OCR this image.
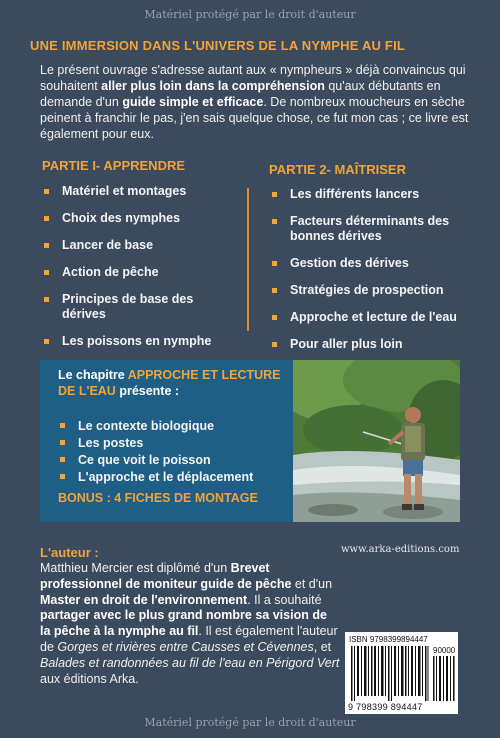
Matériel protégé par le droit d'auteur
UNE IMMERSION DANS L'UNIVERS DE LA NYMPHE AU FIL
Le présent ouvrage s'adresse autant aux « nympheurs » déjà convaincus qui souhaitent aller plus loin dans la compréhension qu'aux débutants en demande d'un guide simple et efficace. De nombreux moucheurs en sèche peinent à franchir le pas, j'en sais quelque chose, ce fut mon cas ; ce livre est également pour eux.
PARTIE I- APPRENDRE
Matériel et montages
Choix des nymphes
Lancer de base
Action de pêche
Principes de base des dérives
Les poissons en nymphe
PARTIE 2- MAÎTRISER
Les différents lancers
Facteurs déterminants des bonnes dérives
Gestion des dérives
Stratégies de prospection
Approche et lecture de l'eau
Pour aller plus loin
Le chapitre APPROCHE ET LECTURE DE L'EAU présente :
Le contexte biologique
Les postes
Ce que voit le poisson
L'approche et le déplacement
BONUS : 4 FICHES DE MONTAGE
L'auteur :
Matthieu Mercier est diplômé d'un Brevet professionnel de moniteur guide de pêche et d'un Master en droit de l'environnement. Il a souhaité partager avec le plus grand nombre sa vision de la pêche à la nymphe au fil. Il est également l'auteur de Gorges et rivières entre Causses et Cévennes, et Balades et randonnées au fil de l'eau en Périgord Vert aux éditions Arka.
www.arka-editions.com
ISBN 9798399894447
90000
9 798399 894447
Matériel protégé par le droit d'auteur
